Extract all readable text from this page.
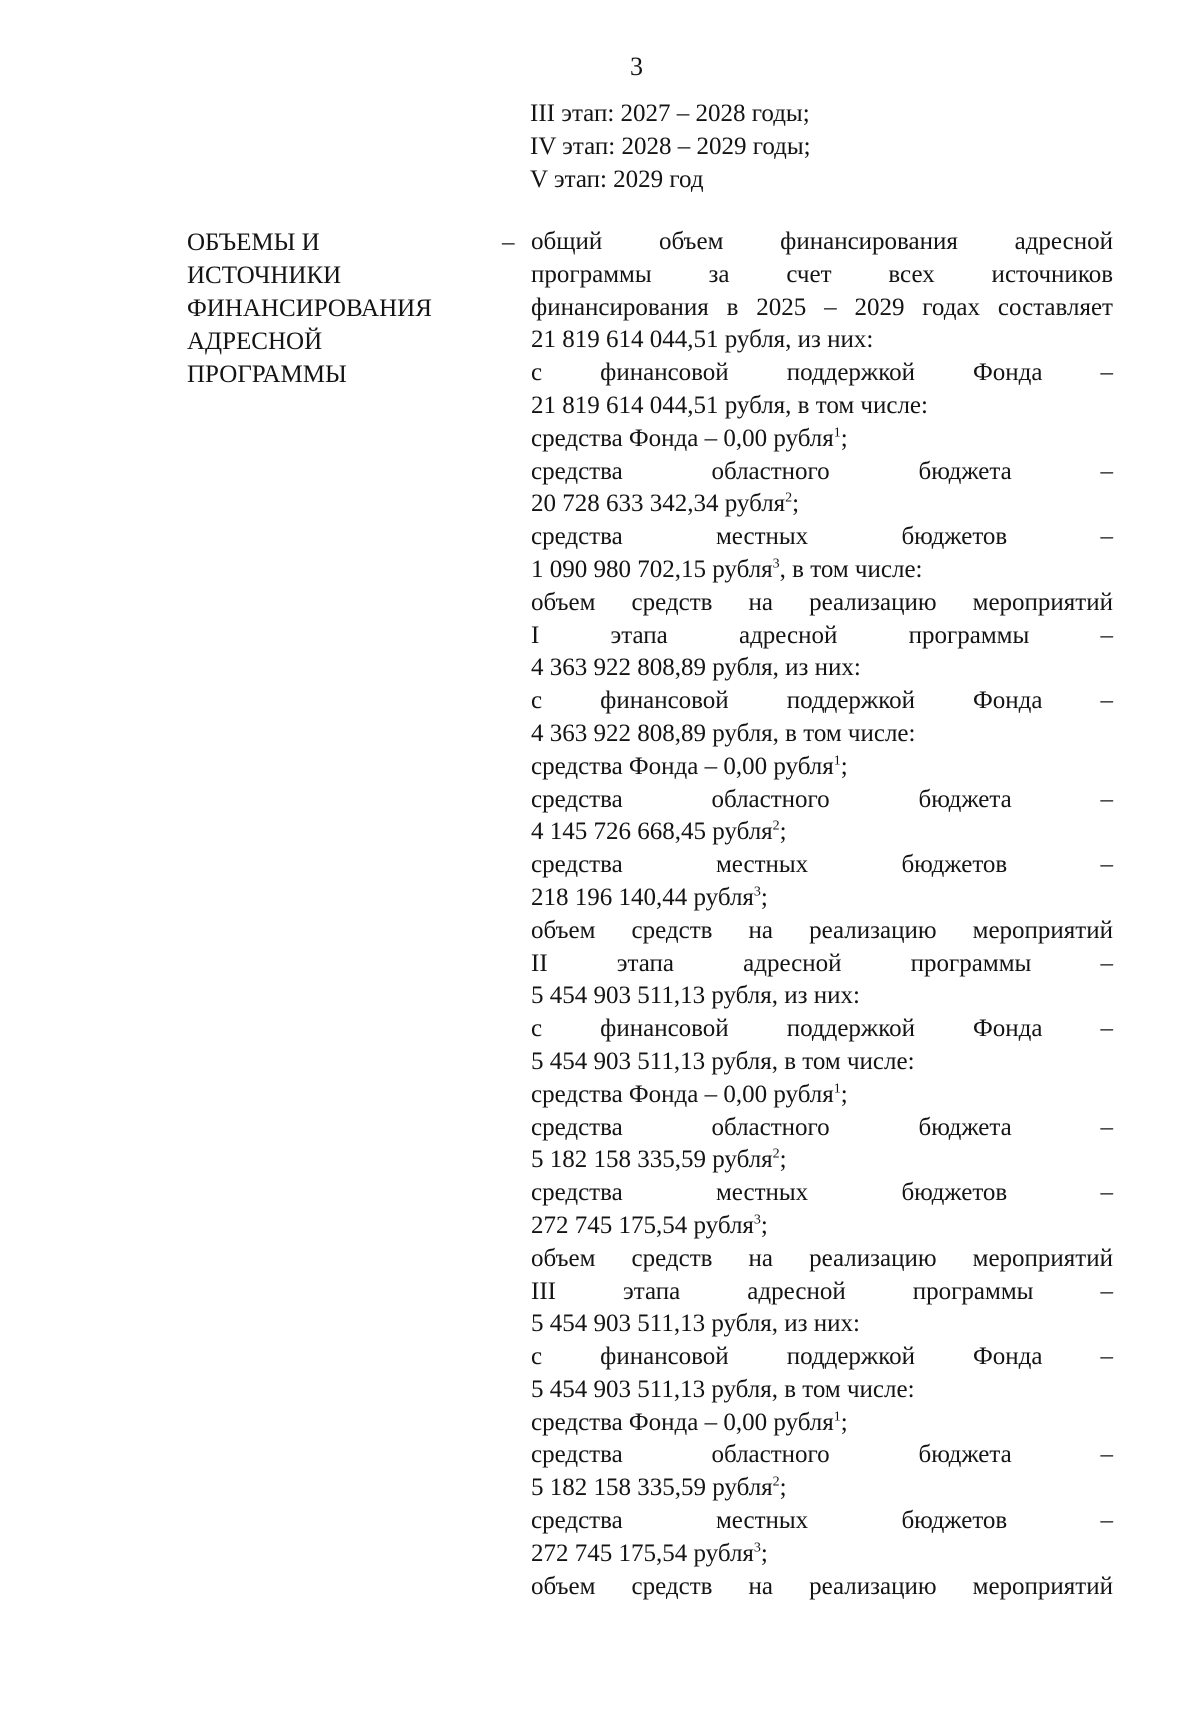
3
III этап: 2027 – 2028 годы;
IV этап: 2028 – 2029 годы;
V этап: 2029 год
ОБЪЕМЫ И
ИСТОЧНИКИ
ФИНАНСИРОВАНИЯ
АДРЕСНОЙ
ПРОГРАММЫ
– общий объем финансирования адресной
программы за счет всех источников
финансирования в 2025 – 2029 годах составляет
21 819 614 044,51 рубля, из них:
с финансовой поддержкой Фонда –
21 819 614 044,51 рубля, в том числе:
средства Фонда – 0,00 рубля$^1$;
средства областного бюджета –
20 728 633 342,34 рубля$^2$;
средства местных бюджетов –
1 090 980 702,15 рубля$^3$, в том числе:
объем средств на реализацию мероприятий
I этапа адресной программы –
4 363 922 808,89 рубля, из них:
с финансовой поддержкой Фонда –
4 363 922 808,89 рубля, в том числе:
средства Фонда – 0,00 рубля$^1$;
средства областного бюджета –
4 145 726 668,45 рубля$^2$;
средства местных бюджетов –
218 196 140,44 рубля$^3$;
объем средств на реализацию мероприятий
II этапа адресной программы –
5 454 903 511,13 рубля, из них:
с финансовой поддержкой Фонда –
5 454 903 511,13 рубля, в том числе:
средства Фонда – 0,00 рубля$^1$;
средства областного бюджета –
5 182 158 335,59 рубля$^2$;
средства местных бюджетов –
272 745 175,54 рубля$^3$;
объем средств на реализацию мероприятий
III этапа адресной программы –
5 454 903 511,13 рубля, из них:
с финансовой поддержкой Фонда –
5 454 903 511,13 рубля, в том числе:
средства Фонда – 0,00 рубля$^1$;
средства областного бюджета –
5 182 158 335,59 рубля$^2$;
средства местных бюджетов –
272 745 175,54 рубля$^3$;
объем средств на реализацию мероприятий
